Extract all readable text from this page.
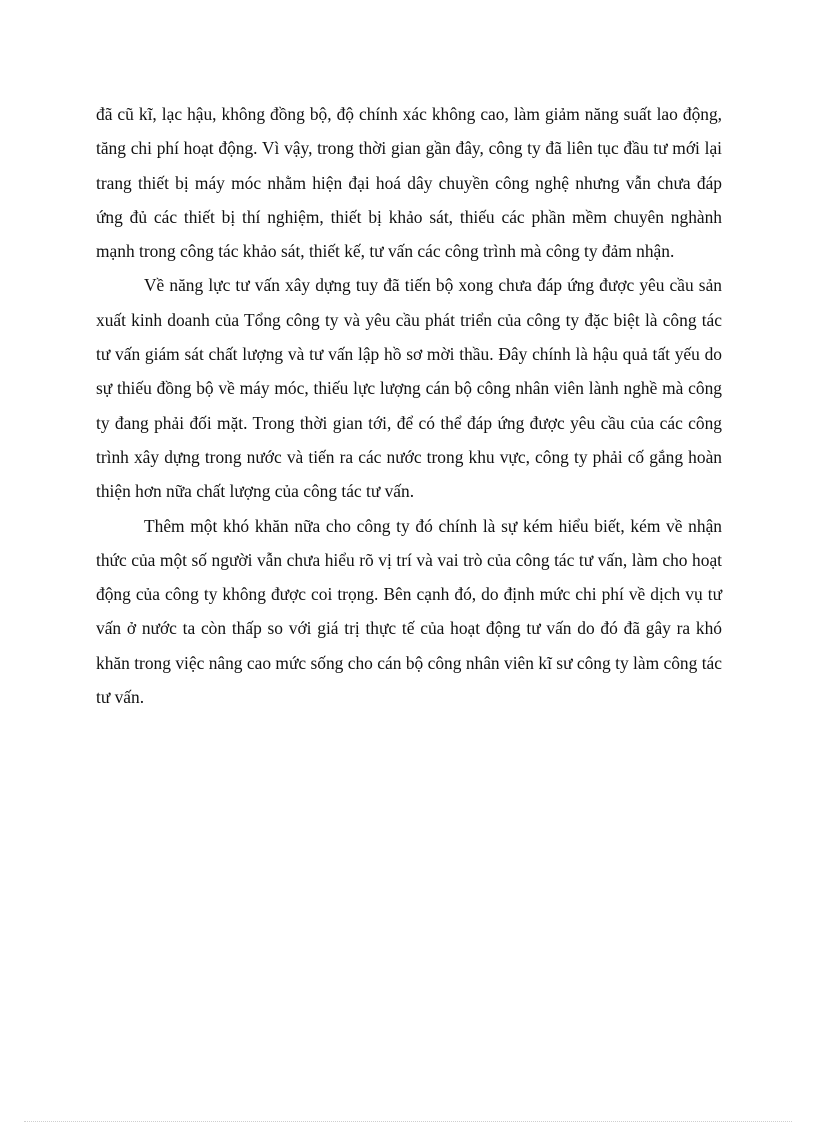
đã cũ kĩ, lạc hậu, không đồng bộ, độ chính xác không cao, làm giảm năng suất lao động, tăng chi phí hoạt động. Vì vậy, trong thời gian gần đây, công ty đã liên tục đầu tư mới lại trang thiết bị máy móc nhằm hiện đại hoá dây chuyền công nghệ nhưng vẫn chưa đáp ứng đủ các thiết bị thí nghiệm, thiết bị khảo sát, thiếu các phần mềm chuyên nghành mạnh trong công tác khảo sát, thiết kế, tư vấn các công trình mà công ty đảm nhận.

Về năng lực tư vấn xây dựng tuy đã tiến bộ xong chưa đáp ứng được yêu cầu sản xuất kinh doanh của Tổng công ty và yêu cầu phát triển của công ty đặc biệt là công tác tư vấn giám sát chất lượng và tư vấn lập hồ sơ mời thầu. Đây chính là hậu quả tất yếu do sự thiếu đồng bộ về máy móc, thiếu lực lượng cán bộ công nhân viên lành nghề mà công ty đang phải đối mặt. Trong thời gian tới, để có thể đáp ứng được yêu cầu của các công trình xây dựng trong nước và tiến ra các nước trong khu vực, công ty phải cố gắng hoàn thiện hơn nữa chất lượng của công tác tư vấn.

Thêm một khó khăn nữa cho công ty đó chính là sự kém hiểu biết, kém về nhận thức của một số người vẫn chưa hiểu rõ vị trí và vai trò của công tác tư vấn, làm cho hoạt động của công ty không được coi trọng. Bên cạnh đó, do định mức chi phí về dịch vụ tư vấn ở nước ta còn thấp so với giá trị thực tế của hoạt động tư vấn do đó đã gây ra khó khăn trong việc nâng cao mức sống cho cán bộ công nhân viên kĩ sư công ty làm công tác tư vấn.
